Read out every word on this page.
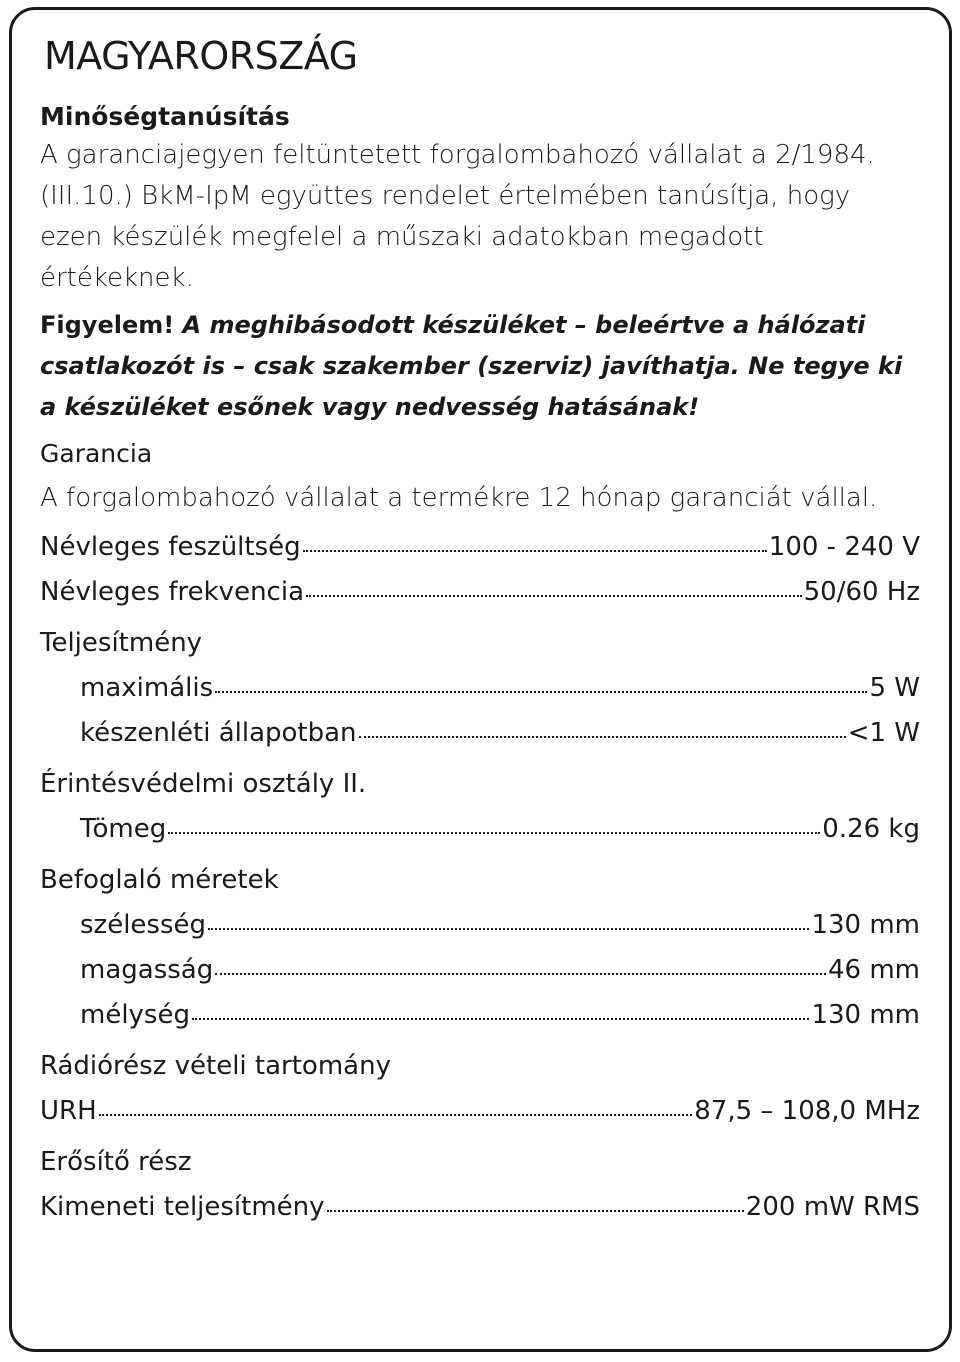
MAGYARORSZÁG
Minőségtanúsítás

A garanciajegyen feltüntetett forgalombahozó vállalat a 2/1984. (III.10.) BkM-IpM együttes rendelet értelmében tanúsítja, hogy ezen készülék megfelel a műszaki adatokban megadott értékeknek.

Figyelem! A meghibásodott készüléket – beleértve a hálózati csatlakozót is – csak szakember (szerviz) javíthatja. Ne tegye ki a készüléket esőnek vagy nedvesség hatásának!

Garancia

A forgalombahozó vállalat a termékre 12 hónap garanciát vállal.

Névleges feszültség	100 - 240 V
Névleges frekvencia	50/60 Hz
Teljesítmény
maximális	5 W
készenléti állapotban	<1 W
Érintésvédelmi osztály II.
Tömeg	0.26 kg
Befoglaló méretek
szélesség	130 mm
magasság	46 mm
mélység	130 mm
Rádiórész vételi tartomány
URH	87,5 – 108,0 MHz
Erősítő rész
Kimeneti teljesítmény	200 mW RMS
